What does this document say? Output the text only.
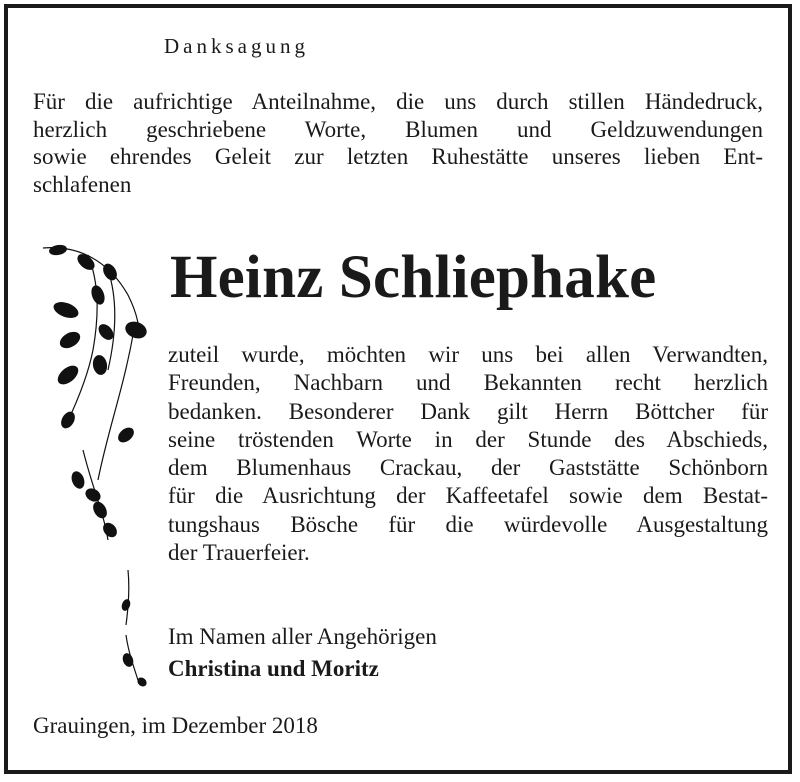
Danksagung
Für die aufrichtige Anteilnahme, die uns durch stillen Händedruck,
herzlich geschriebene Worte, Blumen und Geldzuwendungen
sowie ehrendes Geleit zur letzten Ruhestätte unseres lieben Ent-
schlafenen
Heinz Schliephake
zuteil wurde, möchten wir uns bei allen Verwandten,
Freunden, Nachbarn und Bekannten recht herzlich
bedanken. Besonderer Dank gilt Herrn Böttcher für
seine tröstenden Worte in der Stunde des Abschieds,
dem Blumenhaus Crackau, der Gaststätte Schönborn
für die Ausrichtung der Kaffeetafel sowie dem Bestat-
tungshaus Bösche für die würdevolle Ausgestaltung
der Trauerfeier.
Im Namen aller Angehörigen
Christina und Moritz
Grauingen, im Dezember 2018
